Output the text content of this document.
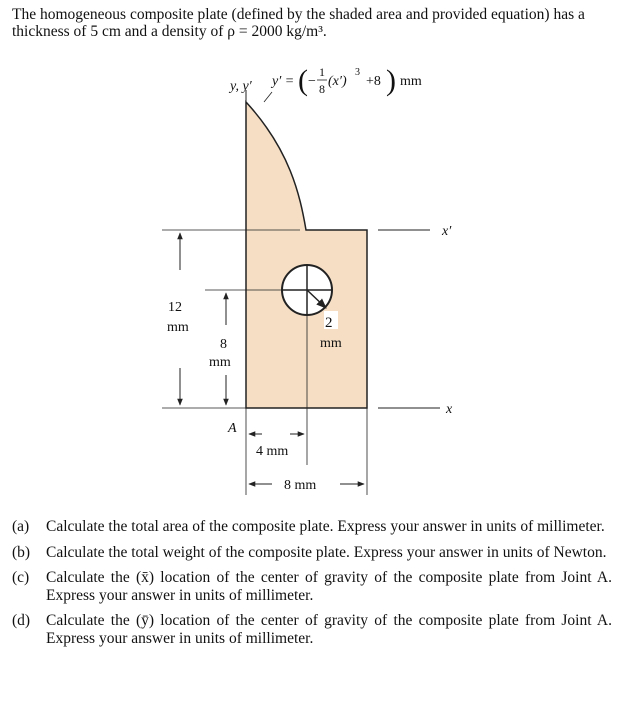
The homogeneous composite plate (defined by the shaded area and provided equation) has a thickness of 5 cm and a density of ρ = 2000 kg/m³.
12
mm
8
mm
2
mm
A
4 mm
8 mm
y, y′
x′
x
y′ = ( −
1
8 (x′)
3
+8 ) mm
(a)	Calculate the total area of the composite plate. Express your answer in units of millimeter.
(b)	Calculate the total weight of the composite plate. Express your answer in units of Newton.
(c)	Calculate the (x̄) location of the center of gravity of the composite plate from Joint A. Express your answer in units of millimeter.
(d)	Calculate the (ȳ) location of the center of gravity of the composite plate from Joint A. Express your answer in units of millimeter.
